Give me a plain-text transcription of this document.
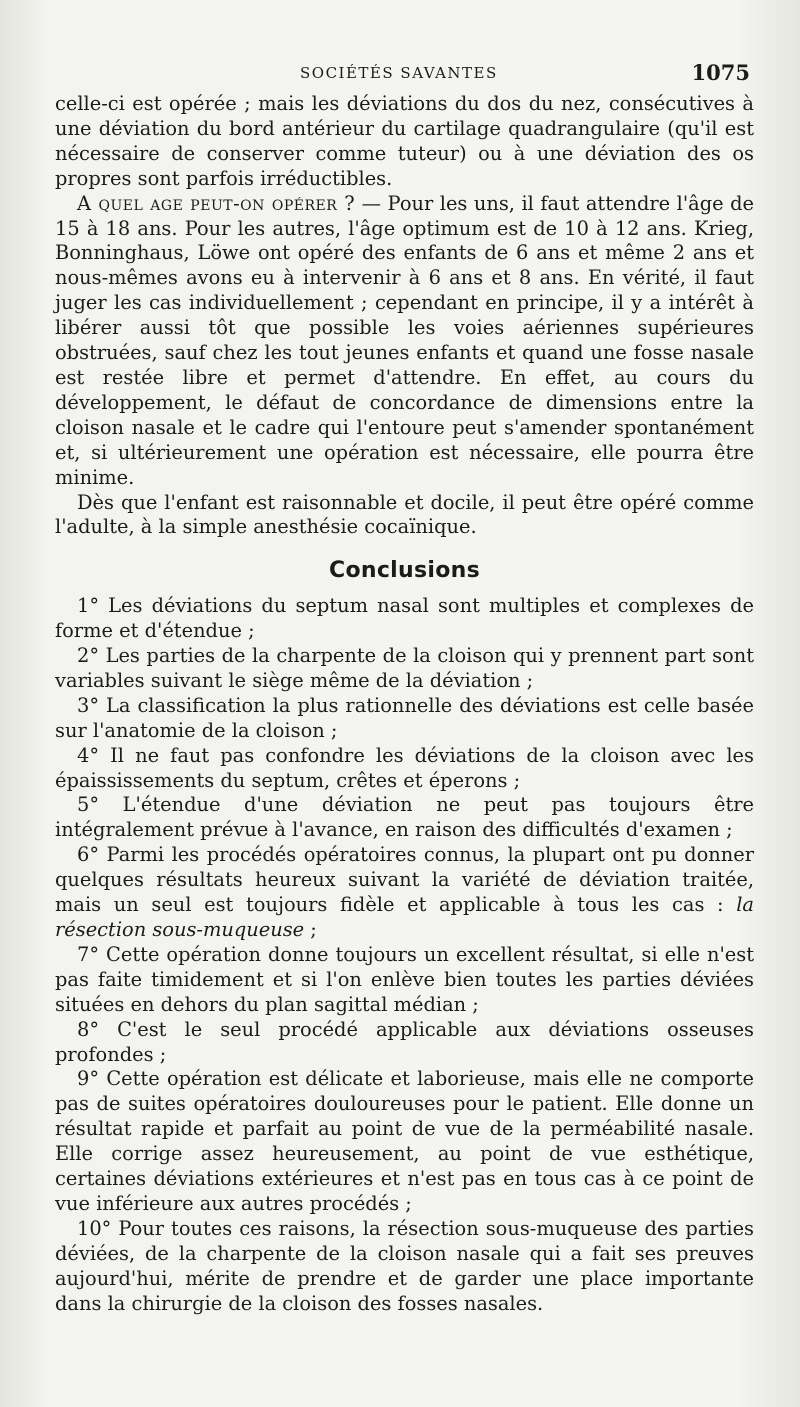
SOCIÉTÉS SAVANTES	1075

celle-ci est opérée ; mais les déviations du dos du nez, consécutives à une déviation du bord antérieur du cartilage quadrangulaire (qu'il est nécessaire de conserver comme tuteur) ou à une déviation des os propres sont parfois irréductibles.

A quel age peut-on opérer ? — Pour les uns, il faut attendre l'âge de 15 à 18 ans. Pour les autres, l'âge optimum est de 10 à 12 ans. Krieg, Bonninghaus, Löwe ont opéré des enfants de 6 ans et même 2 ans et nous-mêmes avons eu à intervenir à 6 ans et 8 ans. En vérité, il faut juger les cas individuellement ; cependant en principe, il y a intérêt à libérer aussi tôt que possible les voies aériennes supérieures obstruées, sauf chez les tout jeunes enfants et quand une fosse nasale est restée libre et permet d'attendre. En effet, au cours du développement, le défaut de concordance de dimensions entre la cloison nasale et le cadre qui l'entoure peut s'amender spontanément et, si ultérieurement une opération est nécessaire, elle pourra être minime.

Dès que l'enfant est raisonnable et docile, il peut être opéré comme l'adulte, à la simple anesthésie cocaïnique.

Conclusions

1° Les déviations du septum nasal sont multiples et complexes de forme et d'étendue ;

2° Les parties de la charpente de la cloison qui y prennent part sont variables suivant le siège même de la déviation ;

3° La classification la plus rationnelle des déviations est celle basée sur l'anatomie de la cloison ;

4° Il ne faut pas confondre les déviations de la cloison avec les épaississements du septum, crêtes et éperons ;

5° L'étendue d'une déviation ne peut pas toujours être intégralement prévue à l'avance, en raison des difficultés d'examen ;

6° Parmi les procédés opératoires connus, la plupart ont pu donner quelques résultats heureux suivant la variété de déviation traitée, mais un seul est toujours fidèle et applicable à tous les cas : la résection sous-muqueuse ;

7° Cette opération donne toujours un excellent résultat, si elle n'est pas faite timidement et si l'on enlève bien toutes les parties déviées situées en dehors du plan sagittal médian ;

8° C'est le seul procédé applicable aux déviations osseuses profondes ;

9° Cette opération est délicate et laborieuse, mais elle ne comporte pas de suites opératoires douloureuses pour le patient. Elle donne un résultat rapide et parfait au point de vue de la perméabilité nasale. Elle corrige assez heureusement, au point de vue esthétique, certaines déviations extérieures et n'est pas en tous cas à ce point de vue inférieure aux autres procédés ;

10° Pour toutes ces raisons, la résection sous-muqueuse des parties déviées, de la charpente de la cloison nasale qui a fait ses preuves aujourd'hui, mérite de prendre et de garder une place importante dans la chirurgie de la cloison des fosses nasales.
